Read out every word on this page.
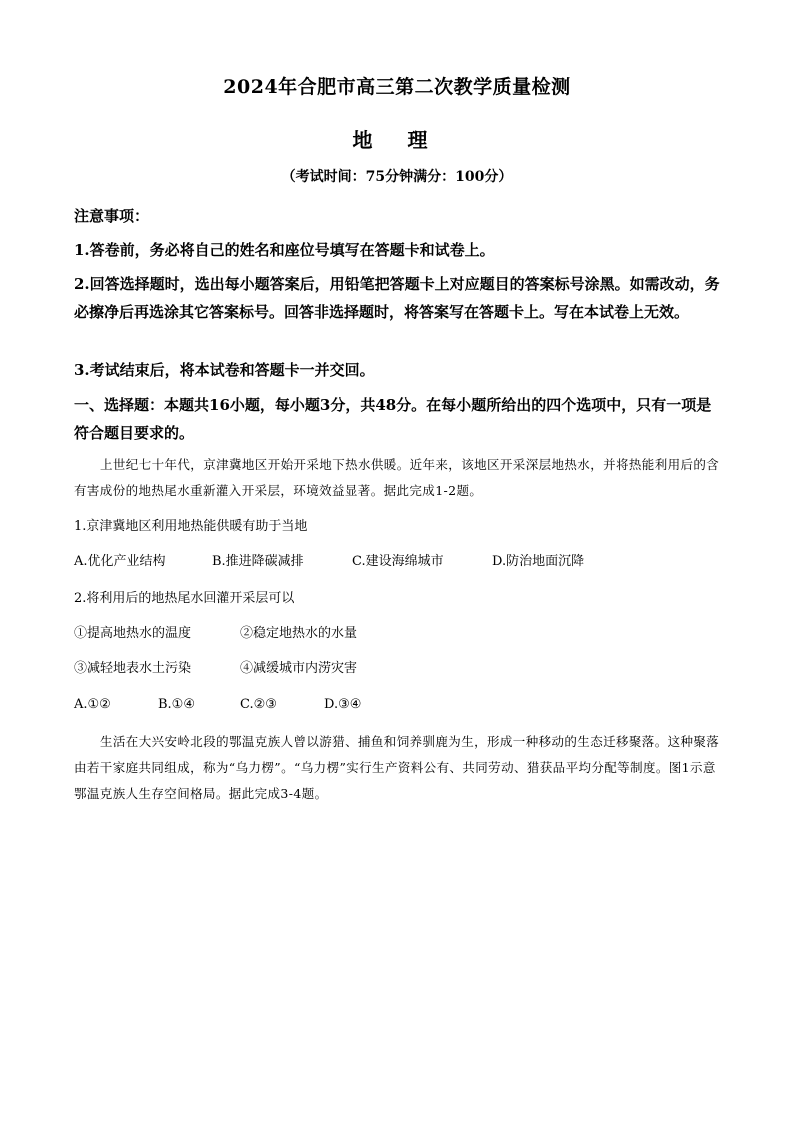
2024年合肥市高三第二次教学质量检测
地 理
（考试时间：75分钟满分：100分）
注意事项：
1.答卷前，务必将自己的姓名和座位号填写在答题卡和试卷上。
2.回答选择题时，选出每小题答案后，用铅笔把答题卡上对应题目的答案标号涂黑。如需改动，务必擦净后再选涂其它答案标号。回答非选择题时，将答案写在答题卡上。写在本试卷上无效。
3.考试结束后，将本试卷和答题卡一并交回。
一、选择题：本题共16小题，每小题3分，共48分。在每小题所给出的四个选项中，只有一项是符合题目要求的。
上世纪七十年代，京津冀地区开始开采地下热水供暖。近年来，该地区开采深层地热水，并将热能利用后的含有害成份的地热尾水重新灌入开采层，环境效益显著。据此完成1-2题。
1.京津冀地区利用地热能供暖有助于当地
A.优化产业结构	B.推进降碳减排	C.建设海绵城市	D.防治地面沉降
2.将利用后的地热尾水回灌开采层可以
①提高地热水的温度	②稳定地热水的水量
③减轻地表水土污染	④减缓城市内涝灾害
A.①②	B.①④	C.②③	D.③④
生活在大兴安岭北段的鄂温克族人曾以游猎、捕鱼和饲养驯鹿为生，形成一种移动的生态迁移聚落。这种聚落由若干家庭共同组成，称为“乌力楞”。“乌力楞”实行生产资料公有、共同劳动、猎获品平均分配等制度。图1示意鄂温克族人生存空间格局。据此完成3-4题。
